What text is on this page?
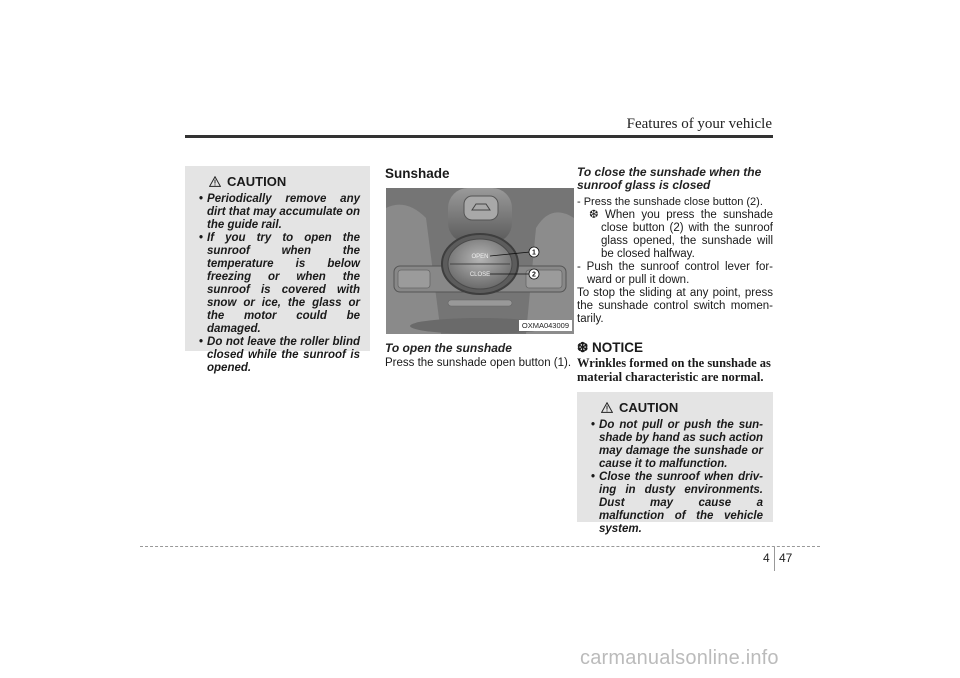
Features of your vehicle
CAUTION
• Periodically remove any dirt that may accumulate on the guide rail.
• If you try to open the sunroof when the temperature is below freezing or when the sunroof is covered with snow or ice, the glass or the motor could be damaged.
• Do not leave the roller blind closed while the sunroof is opened.
Sunshade
OPEN
CLOSE
1
2
OXMA043009
To open the sunshade
Press the sunshade open button (1).
To close the sunshade when the sunroof glass is closed
- Press the sunshade close button (2).
❆ When you press the sunshade close button (2) with the sunroof glass opened, the sunshade will be closed halfway.
- Push the sunroof control lever for-ward or pull it down.
To stop the sliding at any point, press the sunshade control switch momen-tarily.
❆ NOTICE
Wrinkles formed on the sunshade as material characteristic are normal.
CAUTION
• Do not pull or push the sun-shade by hand as such action may damage the sunshade or cause it to malfunction.
• Close the sunroof when driv-ing in dusty environments. Dust may cause a malfunction of the vehicle system.
4 47
carmanualsonline.info
